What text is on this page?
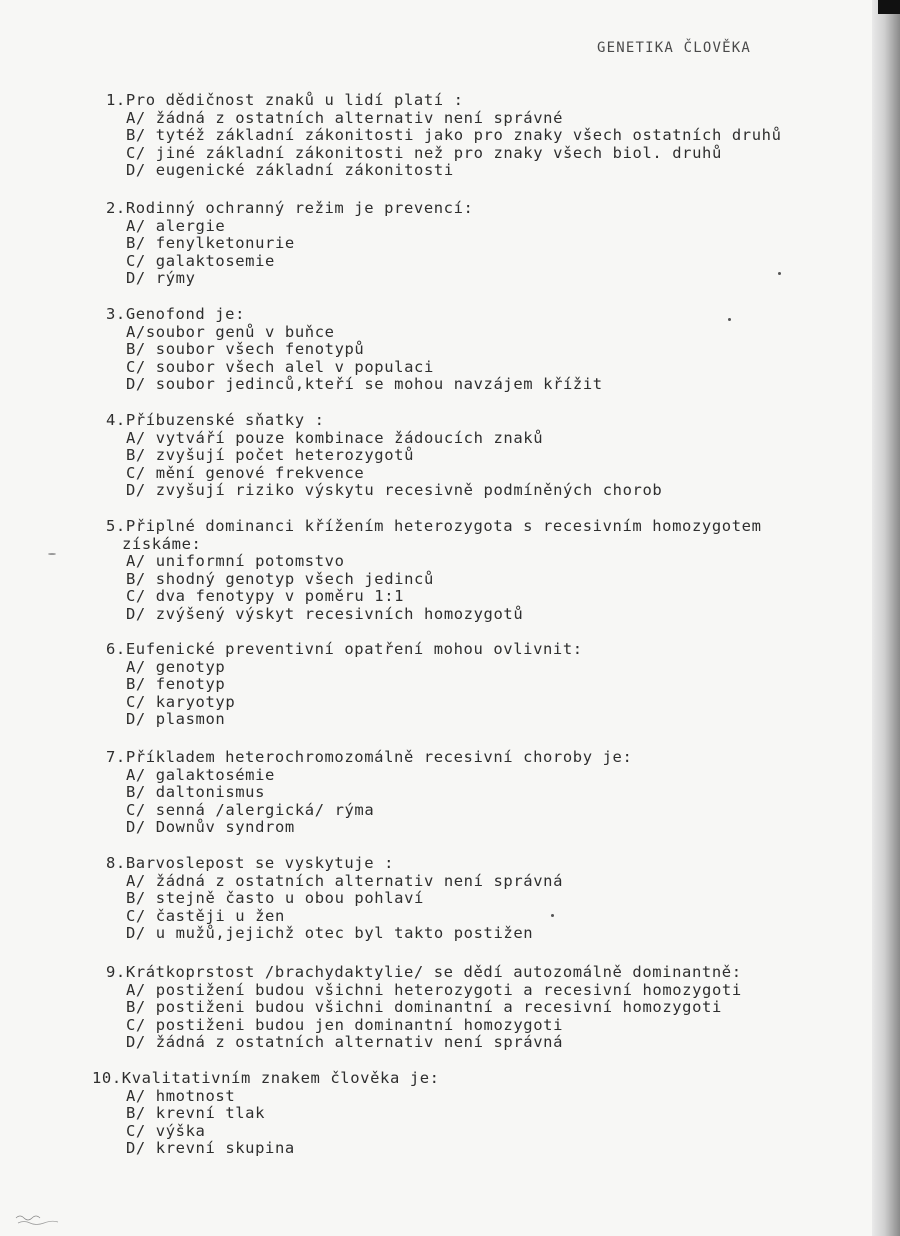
GENETIKA ČLOVĚKA
1.Pro dědičnost znaků u lidí platí :
A/ žádná z ostatních alternativ není správné
B/ tytéž základní zákonitosti jako pro znaky všech ostatních druhů
C/ jiné základní zákonitosti než pro znaky všech biol. druhů
D/ eugenické základní zákonitosti
2.Rodinný ochranný režim je prevencí:
A/ alergie
B/ fenylketonurie
C/ galaktosemie
D/ rýmy
3.Genofond je:
A/soubor genů v buňce
B/ soubor všech fenotypů
C/ soubor všech alel v populaci
D/ soubor jedinců,kteří se mohou navzájem křížit
4.Příbuzenské sňatky :
A/ vytváří pouze kombinace žádoucích znaků
B/ zvyšují počet heterozygotů
C/ mění genové frekvence
D/ zvyšují riziko výskytu recesivně podmíněných chorob
5.Připlné dominanci křížením heterozygota s recesivním homozygotem
získáme:
A/ uniformní potomstvo
B/ shodný genotyp všech jedinců
C/ dva fenotypy v poměru 1:1
D/ zvýšený výskyt recesivních homozygotů
6.Eufenické preventivní opatření mohou ovlivnit:
A/ genotyp
B/ fenotyp
C/ karyotyp
D/ plasmon
7.Příkladem heterochromozomálně recesivní choroby je:
A/ galaktosémie
B/ daltonismus
C/ senná /alergická/ rýma
D/ Downův syndrom
8.Barvoslepost se vyskytuje :
A/ žádná z ostatních alternativ není správná
B/ stejně často u obou pohlaví
C/ častěji u žen
D/ u mužů,jejichž otec byl takto postižen
9.Krátkoprstost /brachydaktylie/ se dědí autozomálně dominantně:
A/ postižení budou všichni heterozygoti a recesivní homozygoti
B/ postiženi budou všichni dominantní a recesivní homozygoti
C/ postiženi budou jen dominantní homozygoti
D/ žádná z ostatních alternativ není správná
10.Kvalitativním znakem člověka je:
A/ hmotnost
B/ krevní tlak
C/ výška
D/ krevní skupina
